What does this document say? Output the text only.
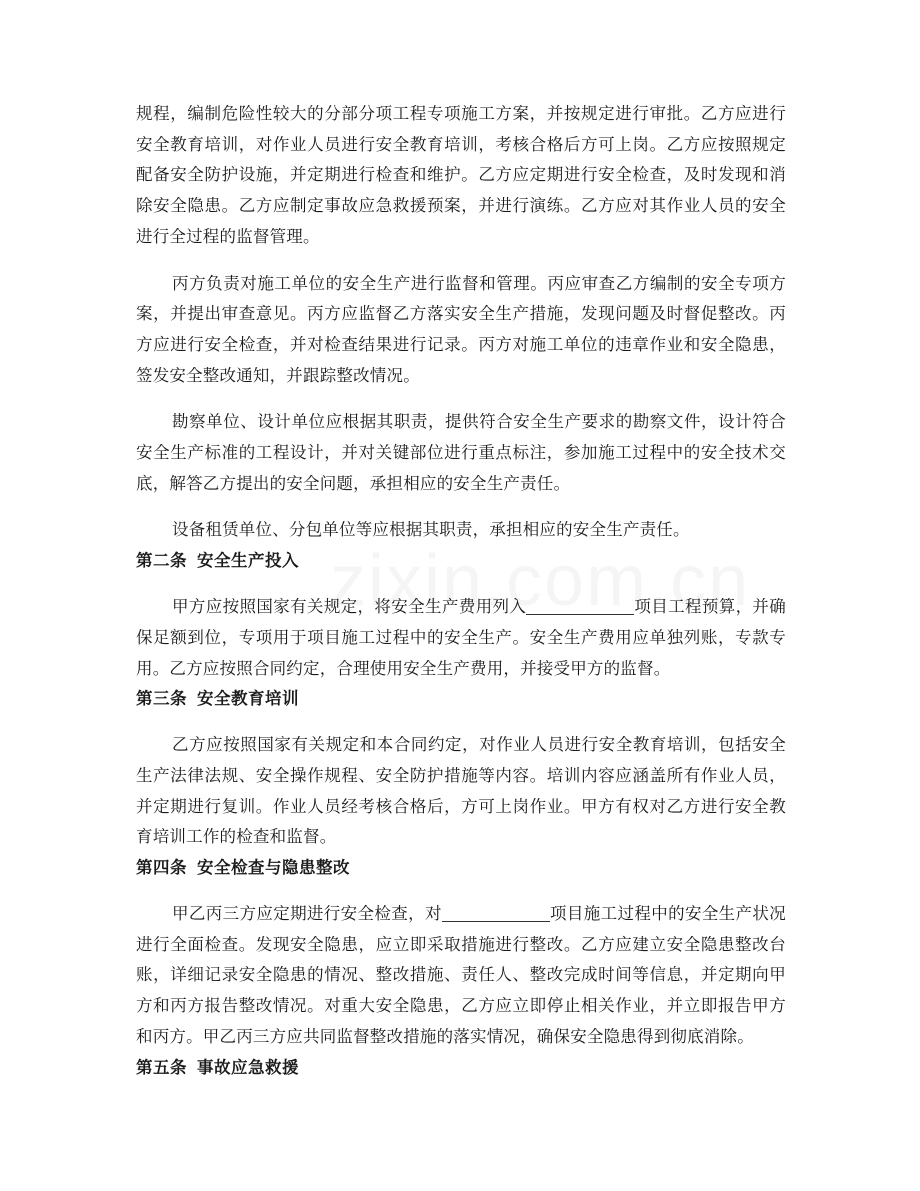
规程，编制危险性较大的分部分项工程专项施工方案，并按规定进行审批。乙方应进行安全教育培训，对作业人员进行安全教育培训，考核合格后方可上岗。乙方应按照规定配备安全防护设施，并定期进行检查和维护。乙方应定期进行安全检查，及时发现和消除安全隐患。乙方应制定事故应急救援预案，并进行演练。乙方应对其作业人员的安全进行全过程的监督管理。

丙方负责对施工单位的安全生产进行监督和管理。丙应审查乙方编制的安全专项方案，并提出审查意见。丙方应监督乙方落实安全生产措施，发现问题及时督促整改。丙方应进行安全检查，并对检查结果进行记录。丙方对施工单位的违章作业和安全隐患，签发安全整改通知，并跟踪整改情况。

勘察单位、设计单位应根据其职责，提供符合安全生产要求的勘察文件，设计符合安全生产标准的工程设计，并对关键部位进行重点标注，参加施工过程中的安全技术交底，解答乙方提出的安全问题，承担相应的安全生产责任。

设备租赁单位、分包单位等应根据其职责，承担相应的安全生产责任。

第二条 安全生产投入

甲方应按照国家有关规定，将安全生产费用列入	项目工程预算，并确保足额到位，专项用于项目施工过程中的安全生产。安全生产费用应单独列账，专款专用。乙方应按照合同约定，合理使用安全生产费用，并接受甲方的监督。

第三条 安全教育培训

乙方应按照国家有关规定和本合同约定，对作业人员进行安全教育培训，包括安全生产法律法规、安全操作规程、安全防护措施等内容。培训内容应涵盖所有作业人员，并定期进行复训。作业人员经考核合格后，方可上岗作业。甲方有权对乙方进行安全教育培训工作的检查和监督。

第四条 安全检查与隐患整改

甲乙丙三方应定期进行安全检查，对	项目施工过程中的安全生产状况进行全面检查。发现安全隐患，应立即采取措施进行整改。乙方应建立安全隐患整改台账，详细记录安全隐患的情况、整改措施、责任人、整改完成时间等信息，并定期向甲方和丙方报告整改情况。对重大安全隐患，乙方应立即停止相关作业，并立即报告甲方和丙方。甲乙丙三方应共同监督整改措施的落实情况，确保安全隐患得到彻底消除。

第五条 事故应急救援
